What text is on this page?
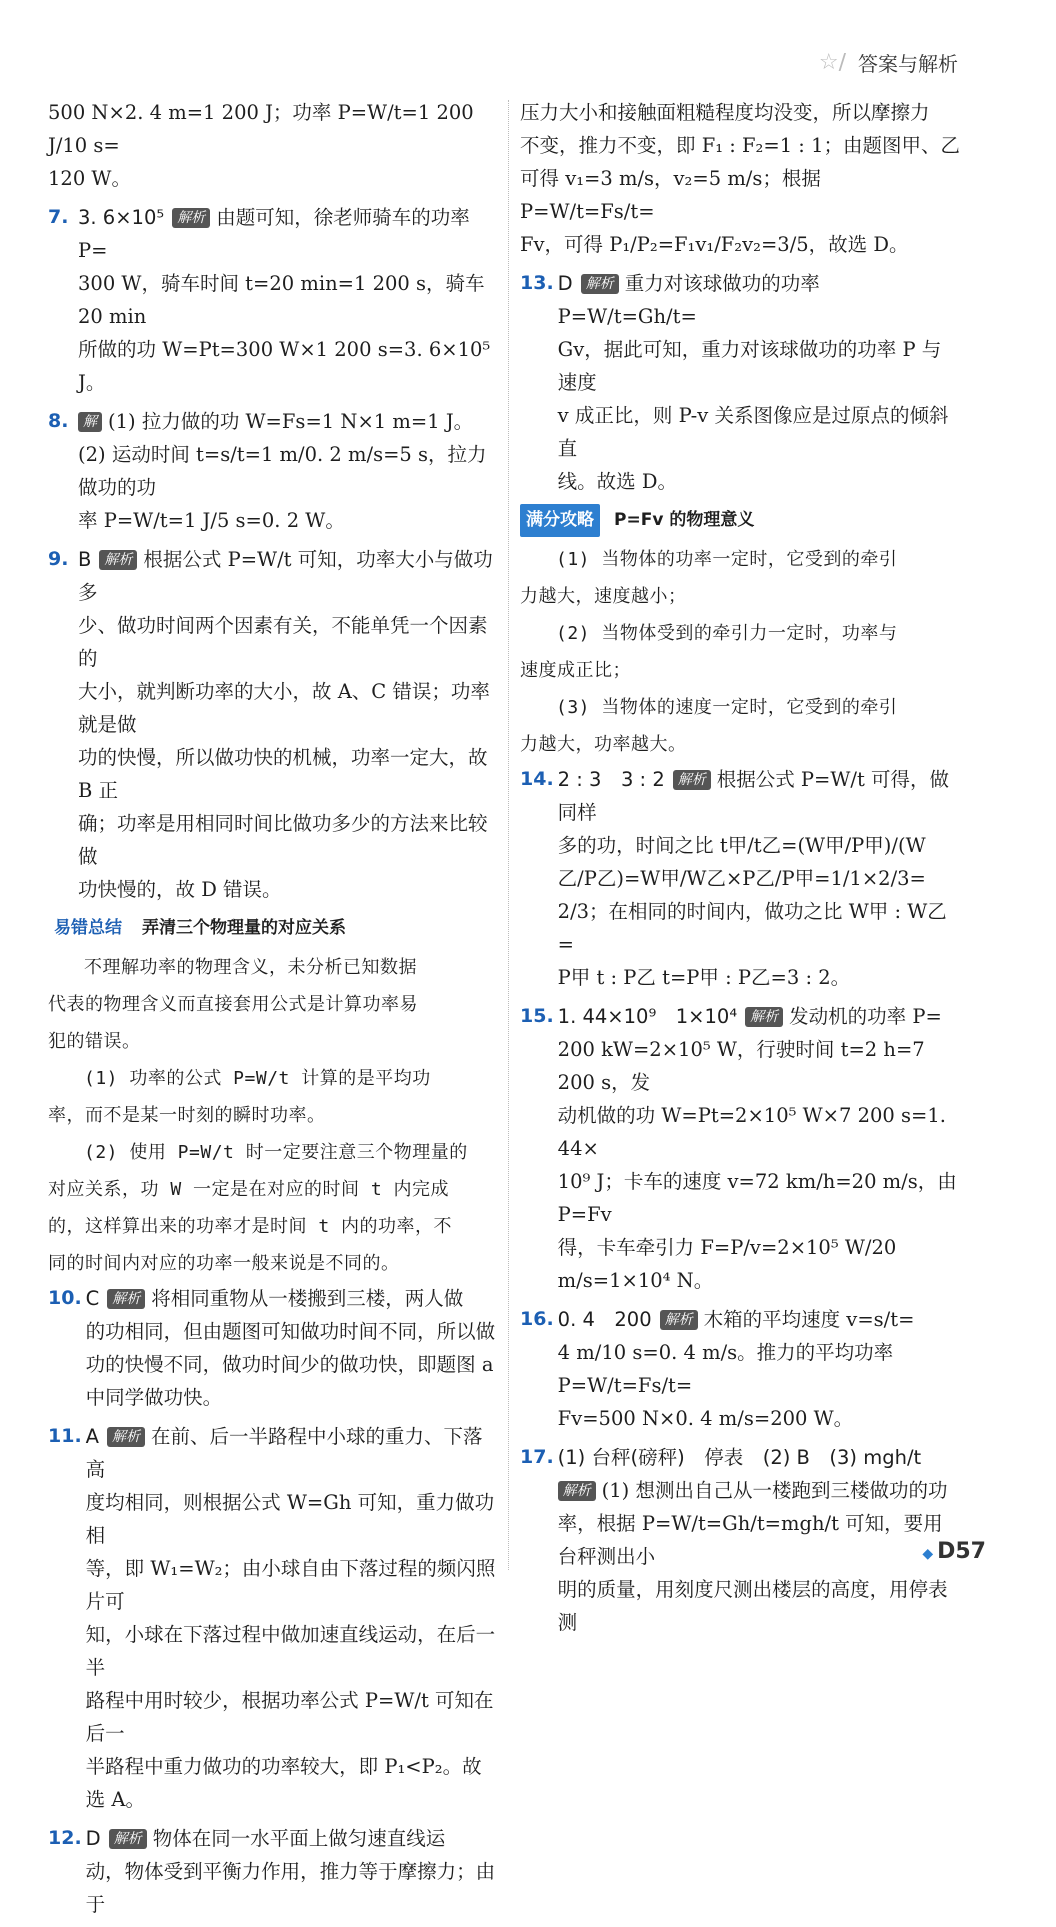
☆∕ 答案与解析

500 N×2. 4 m=1 200 J；功率 P=W/t=1 200 J/10 s=

120 W。

7. 3. 6×10⁵ 解析 由题可知，徐老师骑车的功率 P=

300 W，骑车时间 t=20 min=1 200 s，骑车 20 min

所做的功 W=Pt=300 W×1 200 s=3. 6×10⁵ J。

8.	解 (1) 拉力做的功 W=Fs=1 N×1 m=1 J。

(2) 运动时间 t=s/t=1 m/0. 2 m/s=5 s，拉力做功的功

率 P=W/t=1 J/5 s=0. 2 W。

9. B 解析 根据公式 P=W/t 可知，功率大小与做功多

少、做功时间两个因素有关，不能单凭一个因素的

大小，就判断功率的大小，故 A、C 错误；功率就是做

功的快慢，所以做功快的机械，功率一定大，故 B 正

确；功率是用相同时间比做功多少的方法来比较做

功快慢的，故 D 错误。

易错总结	弄清三个物理量的对应关系

不理解功率的物理含义，未分析已知数据

代表的物理含义而直接套用公式是计算功率易

犯的错误。

(1) 功率的公式 P=W/t 计算的是平均功

率，而不是某一时刻的瞬时功率。

(2) 使用 P=W/t 时一定要注意三个物理量的

对应关系，功 W 一定是在对应的时间 t 内完成

的，这样算出来的功率才是时间 t 内的功率，不

同的时间内对应的功率一般来说是不同的。

10. C 解析 将相同重物从一楼搬到三楼，两人做

的功相同，但由题图可知做功时间不同，所以做

功的快慢不同，做功时间少的做功快，即题图 a

中同学做功快。

11. A 解析 在前、后一半路程中小球的重力、下落高

度均相同，则根据公式 W=Gh 可知，重力做功相

等，即 W₁=W₂；由小球自由下落过程的频闪照片可

知，小球在下落过程中做加速直线运动，在后一半

路程中用时较少，根据功率公式 P=W/t 可知在后一

半路程中重力做功的功率较大，即 P₁<P₂。故选 A。

12. D 解析 物体在同一水平面上做匀速直线运

动，物体受到平衡力作用，推力等于摩擦力；由于

压力大小和接触面粗糙程度均没变，所以摩擦力

不变，推力不变，即 F₁ : F₂=1 : 1；由题图甲、乙

可得 v₁=3 m/s，v₂=5 m/s；根据 P=W/t=Fs/t=

Fv，可得 P₁/P₂=F₁v₁/F₂v₂=3/5，故选 D。

13. D 解析 重力对该球做功的功率 P=W/t=Gh/t=

Gv，据此可知，重力对该球做功的功率 P 与速度

v 成正比，则 P-v 关系图像应是过原点的倾斜直

线。故选 D。

满分攻略	P=Fv 的物理意义

(1) 当物体的功率一定时，它受到的牵引

力越大，速度越小；

(2) 当物体受到的牵引力一定时，功率与

速度成正比；

(3) 当物体的速度一定时，它受到的牵引

力越大，功率越大。

14. 2 : 3　3 : 2 解析 根据公式 P=W/t 可得，做同样

多的功，时间之比 t甲/t乙=(W甲/P甲)/(W乙/P乙)=W甲/W乙×P乙/P甲=1/1×2/3=

2/3；在相同的时间内，做功之比 W甲 : W乙=

P甲 t : P乙 t=P甲 : P乙=3 : 2。

15. 1. 44×10⁹　1×10⁴ 解析 发动机的功率 P=

200 kW=2×10⁵ W，行驶时间 t=2 h=7 200 s，发

动机做的功 W=Pt=2×10⁵ W×7 200 s=1. 44×

10⁹ J；卡车的速度 v=72 km/h=20 m/s，由 P=Fv

得，卡车牵引力 F=P/v=2×10⁵ W/20 m/s=1×10⁴ N。

16. 0. 4　200 解析 木箱的平均速度 v=s/t=

4 m/10 s=0. 4 m/s。推力的平均功率 P=W/t=Fs/t=

Fv=500 N×0. 4 m/s=200 W。

17. (1) 台秤(磅秤)　停表　(2) B　(3) mgh/t

解析 (1) 想测出自己从一楼跑到三楼做功的功

率，根据 P=W/t=Gh/t=mgh/t 可知，要用台秤测出小

明的质量，用刻度尺测出楼层的高度，用停表测

◆ D57
